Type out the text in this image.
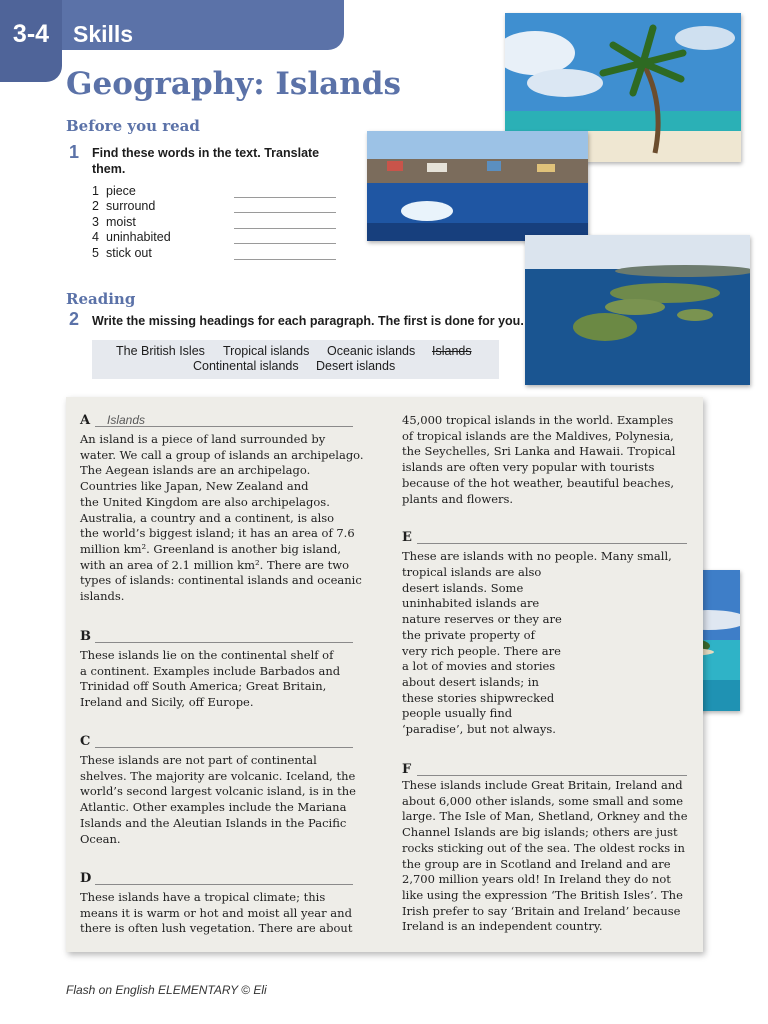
3-4	Skills
Geography: Islands
Before you read
1 Find these words in the text. Translate
them.
1 piece
2 surround
3 moist
4 uninhabited
5 stick out
Reading
2 Write the missing headings for each paragraph. The first is done for you.
The British Isles Tropical islands Oceanic islands Islands
Continental islands Desert islands
A Islands
An island is a piece of land surrounded by
water. We call a group of islands an archipelago.
The Aegean islands are an archipelago.
Countries like Japan, New Zealand and
the United Kingdom are also archipelagos.
Australia, a country and a continent, is also
the world’s biggest island; it has an area of 7.6
million km². Greenland is another big island,
with an area of 2.1 million km². There are two
types of islands: continental islands and oceanic
islands.
B
These islands lie on the continental shelf of
a continent. Examples include Barbados and
Trinidad off South America; Great Britain,
Ireland and Sicily, off Europe.
C
These islands are not part of continental
shelves. The majority are volcanic. Iceland, the
world’s second largest volcanic island, is in the
Atlantic. Other examples include the Mariana
Islands and the Aleutian Islands in the Pacific
Ocean.
D
These islands have a tropical climate; this
means it is warm or hot and moist all year and
there is often lush vegetation. There are about
45,000 tropical islands in the world. Examples
of tropical islands are the Maldives, Polynesia,
the Seychelles, Sri Lanka and Hawaii. Tropical
islands are often very popular with tourists
because of the hot weather, beautiful beaches,
plants and flowers.
E
These are islands with no people. Many small,
tropical islands are also
desert islands. Some
uninhabited islands are
nature reserves or they are
the private property of
very rich people. There are
a lot of movies and stories
about desert islands; in
these stories shipwrecked
people usually find
‘paradise’, but not always.
F
These islands include Great Britain, Ireland and
about 6,000 other islands, some small and some
large. The Isle of Man, Shetland, Orkney and the
Channel Islands are big islands; others are just
rocks sticking out of the sea. The oldest rocks in
the group are in Scotland and Ireland and are
2,700 million years old! In Ireland they do not
like using the expression ‘The British Isles’. The
Irish prefer to say ‘Britain and Ireland’ because
Ireland is an independent country.
Flash on English ELEMENTARY © Eli
